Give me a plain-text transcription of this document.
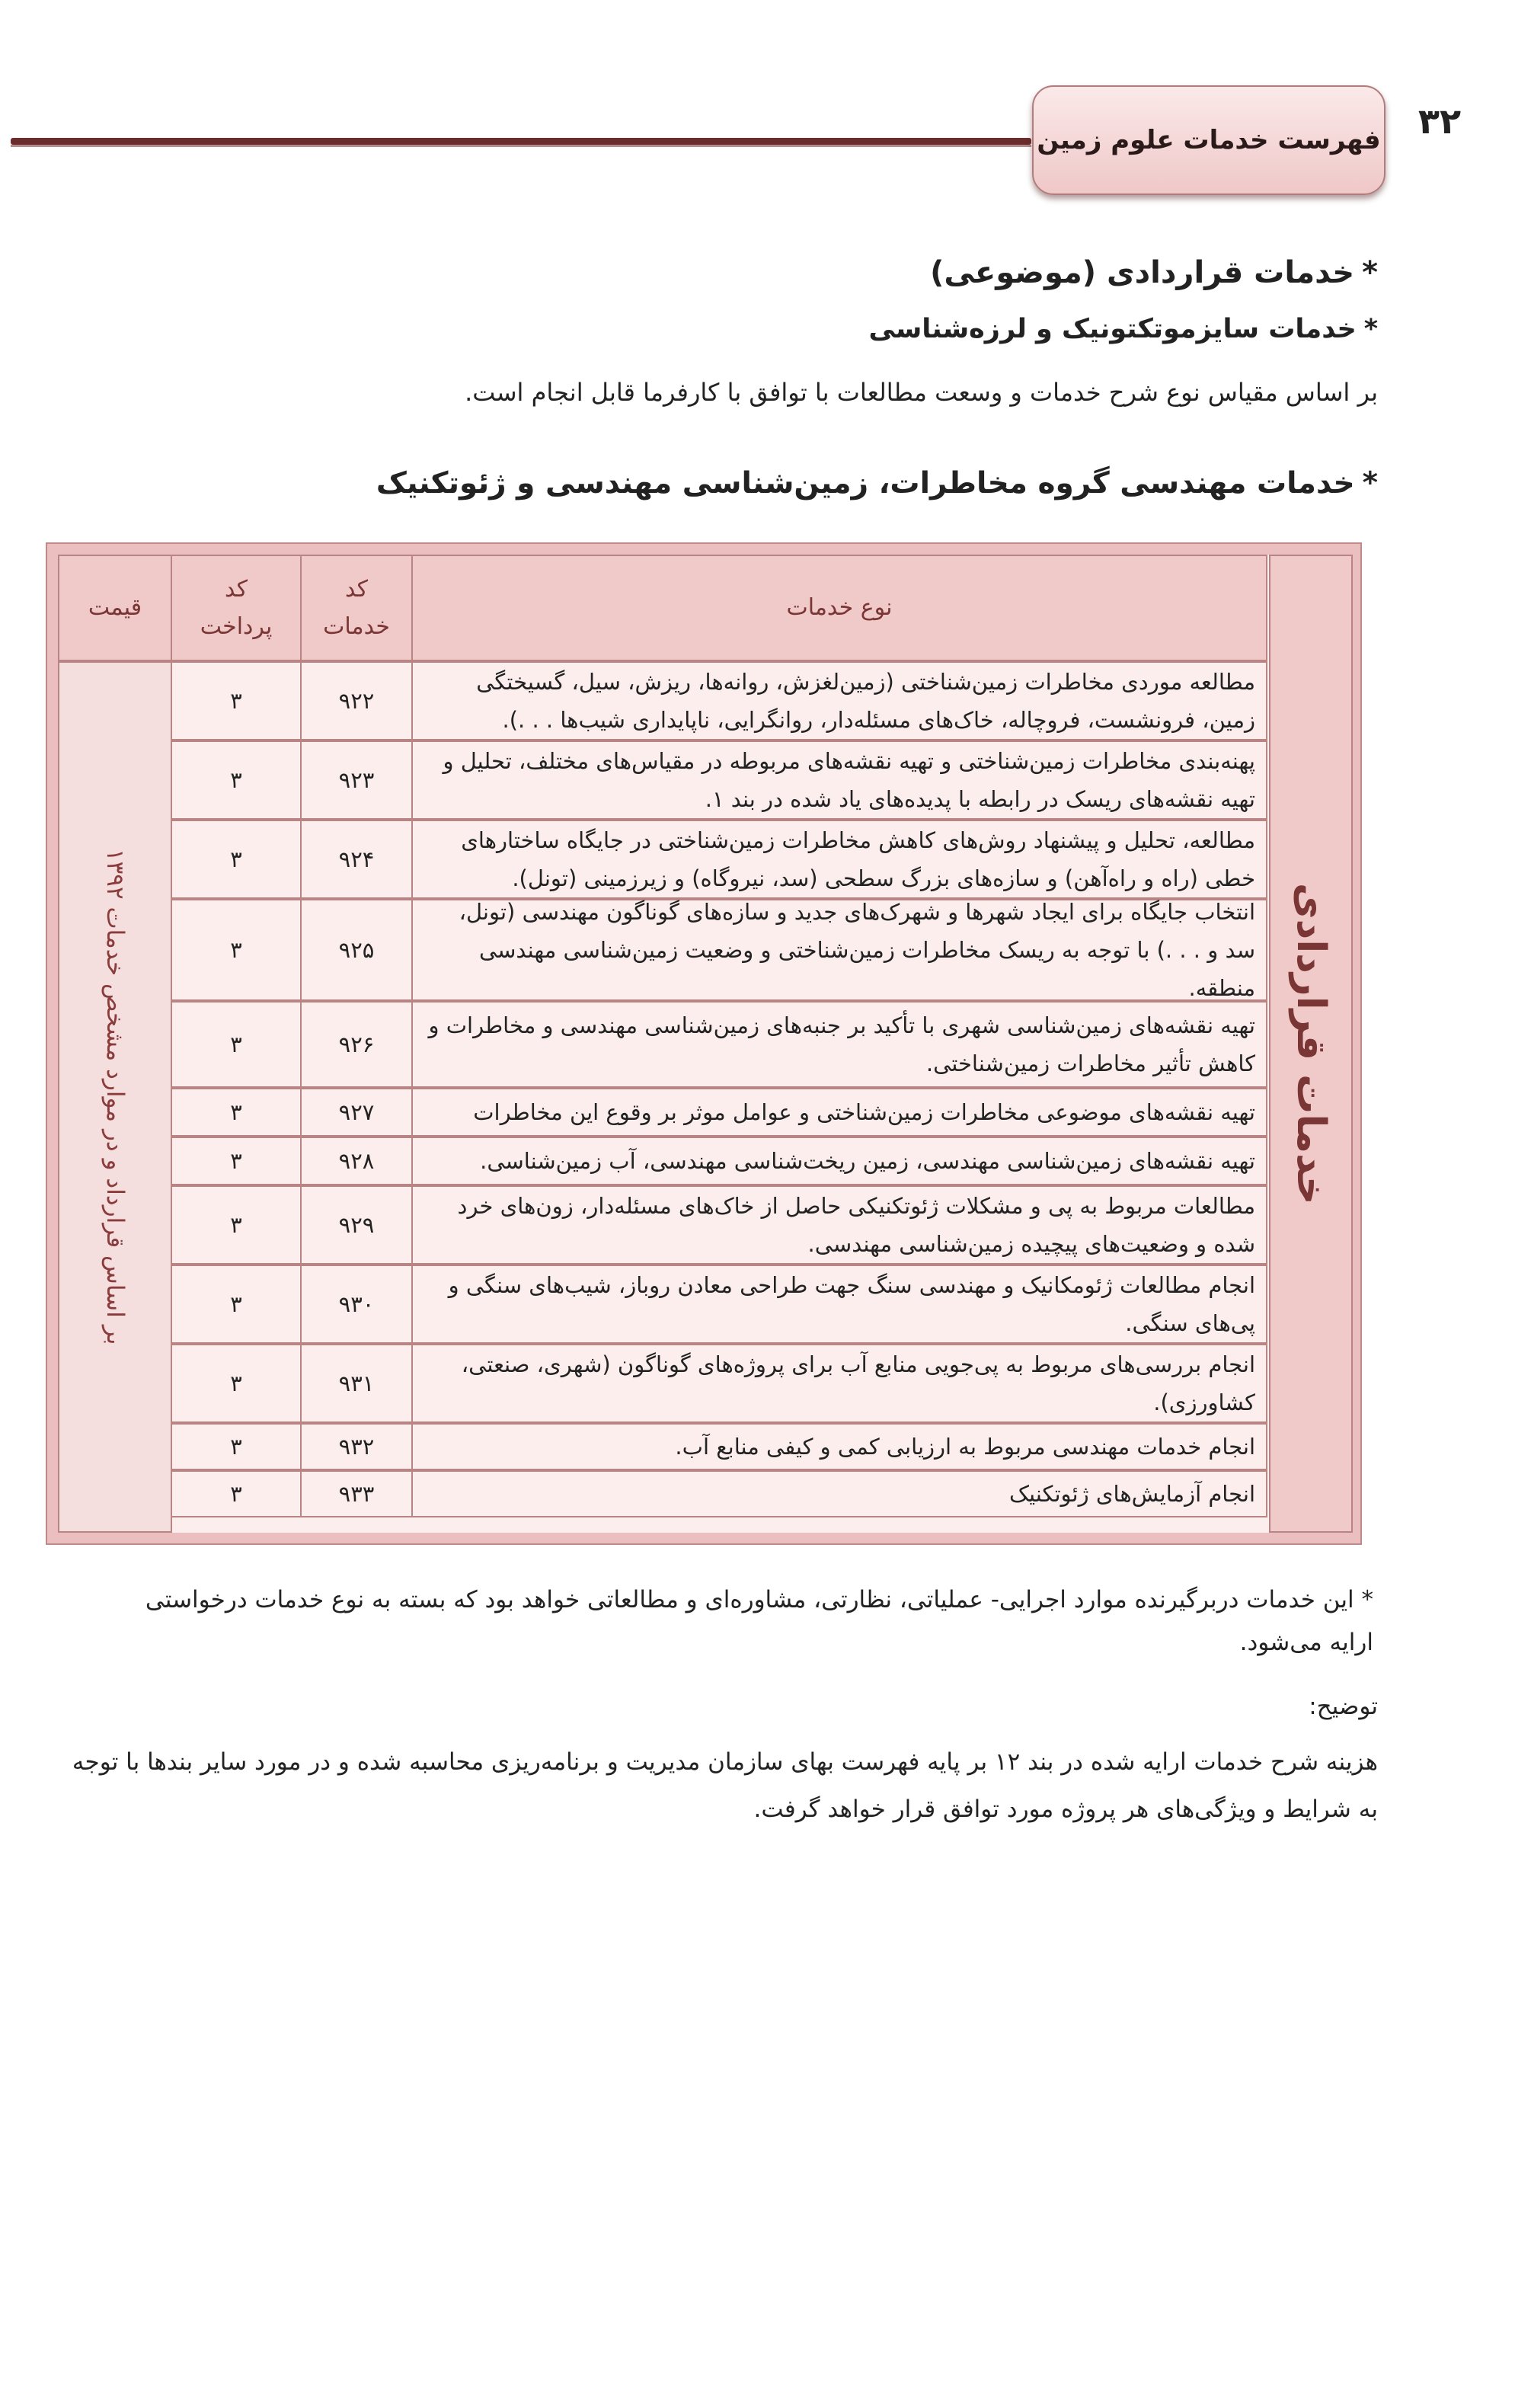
فهرست خدمات علوم زمین	۳۲
*خدمات قراردادی (موضوعی)
*خدمات سایزموتکتونیک و لرزه‌شناسی
بر اساس مقیاس نوع شرح خدمات و وسعت مطالعات با توافق با کارفرما قابل انجام است.
*خدمات مهندسی گروه مخاطرات، زمین‌شناسی مهندسی و ژئوتکنیک
نوع خدمات
کد خدمات
کد پرداخت
قیمت
خدمات قراردادی
بر اساس قرارداد و در موارد مشخص خدمات ۱۳۹۲
مطالعه موردی مخاطرات زمین‌شناختی (زمین‌لغزش، روانه‌ها، ریزش، سیل، گسیختگی زمین، فرونشست، فروچاله، خاک‌های مسئله‌دار، روانگرایی، ناپایداری شیب‌ها . . .).
۹۲۲
۳
پهنه‌بندی مخاطرات زمین‌شناختی و تهیه نقشه‌های مربوطه در مقیاس‌های مختلف، تحلیل و تهیه نقشه‌های ریسک در رابطه با پدیده‌های یاد شده در بند ۱.
۹۲۳
۳
مطالعه، تحلیل و پیشنهاد روش‌های کاهش مخاطرات زمین‌شناختی در جایگاه ساختارهای خطی (راه و راه‌آهن) و سازه‌های بزرگ سطحی (سد، نیروگاه) و زیرزمینی (تونل).
۹۲۴
۳
انتخاب جایگاه برای ایجاد شهرها و شهرک‌های جدید و سازه‌های گوناگون مهندسی (تونل، سد و . . .) با توجه به ریسک مخاطرات زمین‌شناختی و وضعیت زمین‌شناسی مهندسی منطقه.
۹۲۵
۳
تهیه نقشه‌های زمین‌شناسی شهری با تأکید بر جنبه‌های زمین‌شناسی مهندسی و مخاطرات و کاهش تأثیر مخاطرات زمین‌شناختی.
۹۲۶
۳
تهیه نقشه‌های موضوعی مخاطرات زمین‌شناختی و عوامل موثر بر وقوع این مخاطرات
۹۲۷
۳
تهیه نقشه‌های زمین‌شناسی مهندسی، زمین ریخت‌شناسی مهندسی، آب زمین‌شناسی.
۹۲۸
۳
مطالعات مربوط به پی و مشکلات ژئوتکنیکی حاصل از خاک‌های مسئله‌دار، زون‌های خرد شده و وضعیت‌های پیچیده زمین‌شناسی مهندسی.
۹۲۹
۳
انجام مطالعات ژئومکانیک و مهندسی سنگ جهت طراحی معادن روباز، شیب‌های سنگی و پی‌های سنگی.
۹۳۰
۳
انجام بررسی‌های مربوط به پی‌جویی منابع آب برای پروژه‌های گوناگون (شهری، صنعتی، کشاورزی).
۹۳۱
۳
انجام خدمات مهندسی مربوط به ارزیابی کمی و کیفی منابع آب.
۹۳۲
۳
انجام آزمایش‌های ژئوتکنیک
۹۳۳
۳
* این خدمات دربرگیرنده موارد اجرایی- عملیاتی، نظارتی، مشاوره‌ای و مطالعاتی خواهد بود که بسته به نوع خدمات درخواستی ارایه می‌شود.
توضیح:
هزینه شرح خدمات ارایه شده در بند ۱۲ بر پایه فهرست بهای سازمان مدیریت و برنامه‌ریزی محاسبه شده و در مورد سایر بندها با توجه به شرایط و ویژگی‌های هر پروژه مورد توافق قرار خواهد گرفت.
